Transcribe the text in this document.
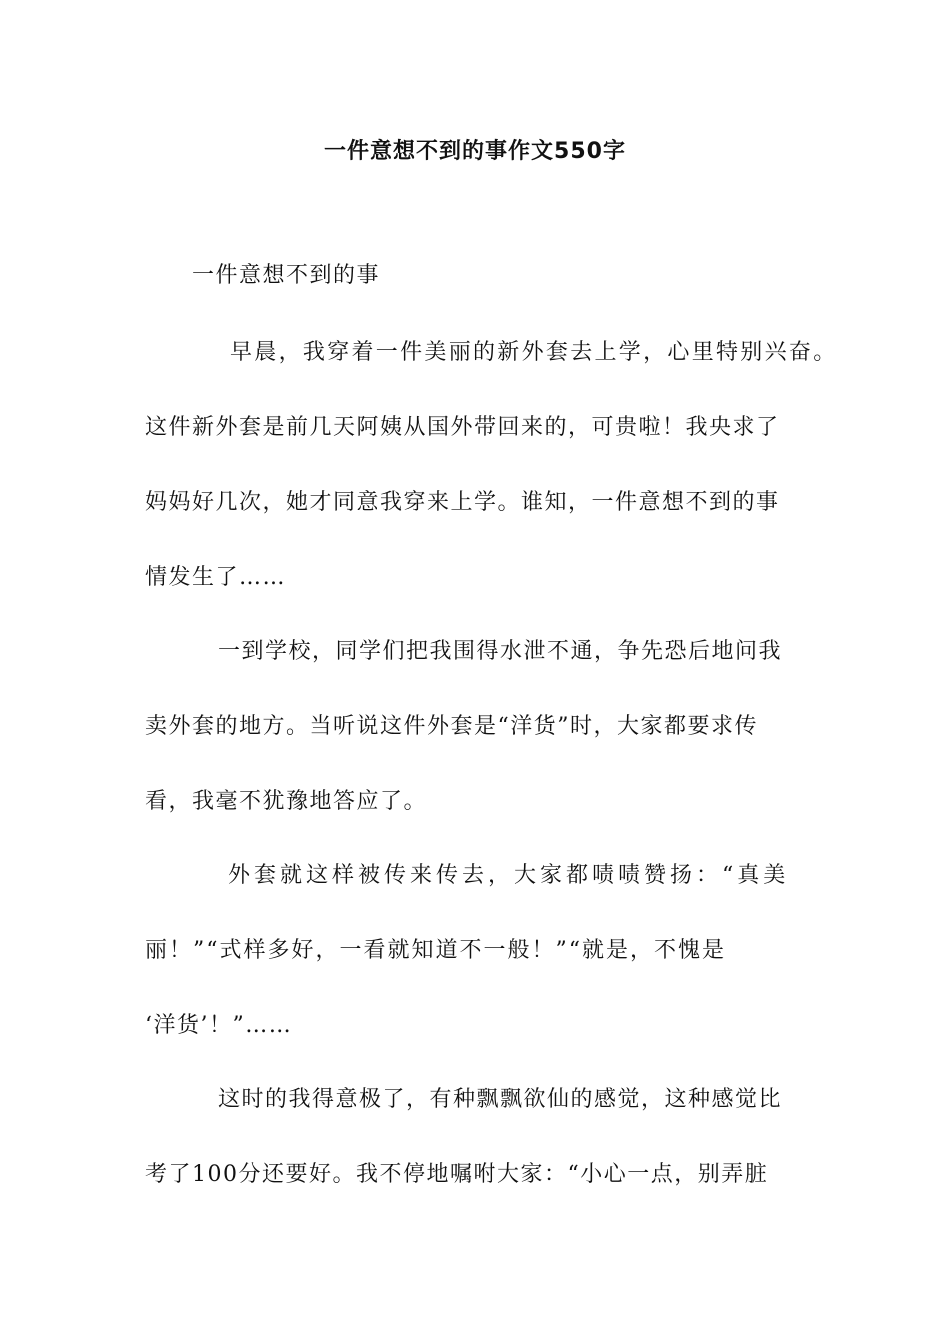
一件意想不到的事作文550字
一件意想不到的事
早晨，我穿着一件美丽的新外套去上学，心里特别兴奋。
这件新外套是前几天阿姨从国外带回来的，可贵啦！我央求了
妈妈好几次，她才同意我穿来上学。谁知，一件意想不到的事
情发生了……
一到学校，同学们把我围得水泄不通，争先恐后地问我
卖外套的地方。当听说这件外套是“洋货”时，大家都要求传
看，我毫不犹豫地答应了。
外套就这样被传来传去，大家都啧啧赞扬：“真美
丽！”“式样多好，一看就知道不一般！”“就是，不愧是
‘洋货’！”……
这时的我得意极了，有种飘飘欲仙的感觉，这种感觉比
考了100分还要好。我不停地嘱咐大家：“小心一点，别弄脏
